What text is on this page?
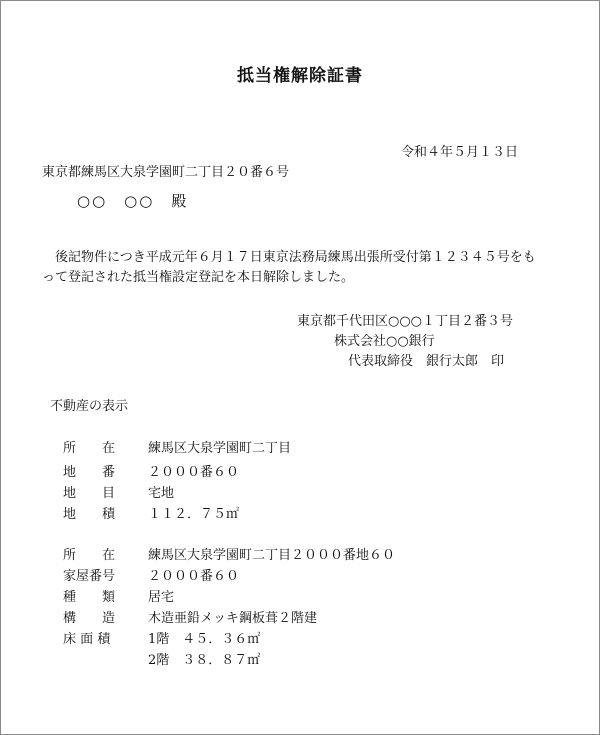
抵当権解除証書
令和４年５月１３日
東京都練馬区大泉学園町二丁目２０番６号
○○　○○　殿
　後記物件につき平成元年６月１７日東京法務局練馬出張所受付第１２３４５号をも
って登記された抵当権設定登記を本日解除しました。
東京都千代田区○○○１丁目２番３号
株式会社○○銀行
代表取締役　銀行太郎　印
不動産の表示
所　　在	練馬区大泉学園町二丁目
地　　番	２０００番６０
地　　目	宅地
地　　積	１１２．７５㎡
所　　在	練馬区大泉学園町二丁目２０００番地６０
家屋番号	２０００番６０
種　　類	居宅
構　　造	木造亜鉛メッキ鋼板葺２階建
床 面 積	1階　４５．３６㎡
2階　３８．８７㎡
